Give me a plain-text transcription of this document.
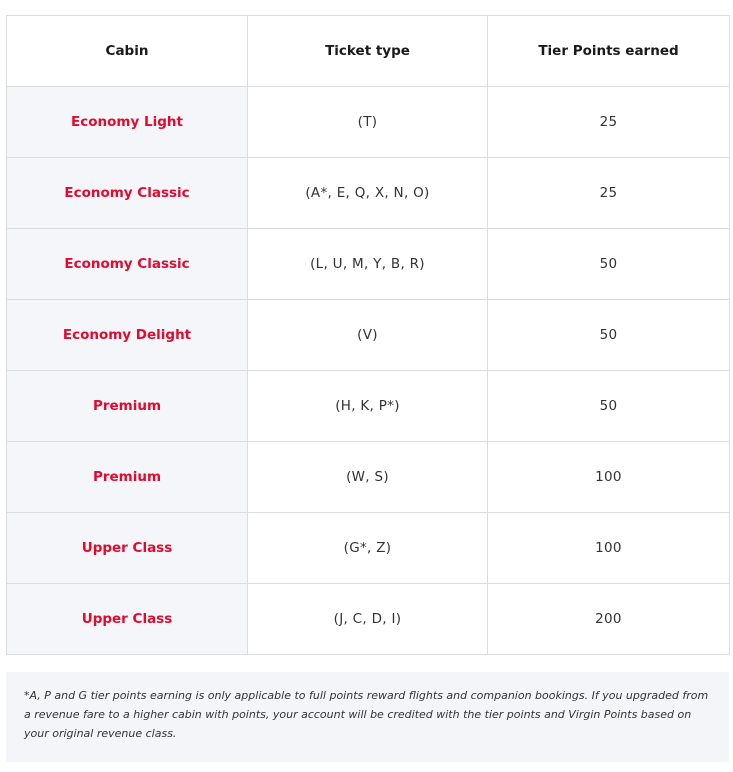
Cabin	Ticket type	Tier Points earned
Economy Light	(T)	25
Economy Classic	(A*, E, Q, X, N, O)	25
Economy Classic	(L, U, M, Y, B, R)	50
Economy Delight	(V)	50
Premium	(H, K, P*)	50
Premium	(W, S)	100
Upper Class	(G*, Z)	100
Upper Class	(J, C, D, I)	200

*A, P and G tier points earning is only applicable to full points reward flights and companion bookings. If you upgraded from a revenue fare to a higher cabin with points, your account will be credited with the tier points and Virgin Points based on your original revenue class.
